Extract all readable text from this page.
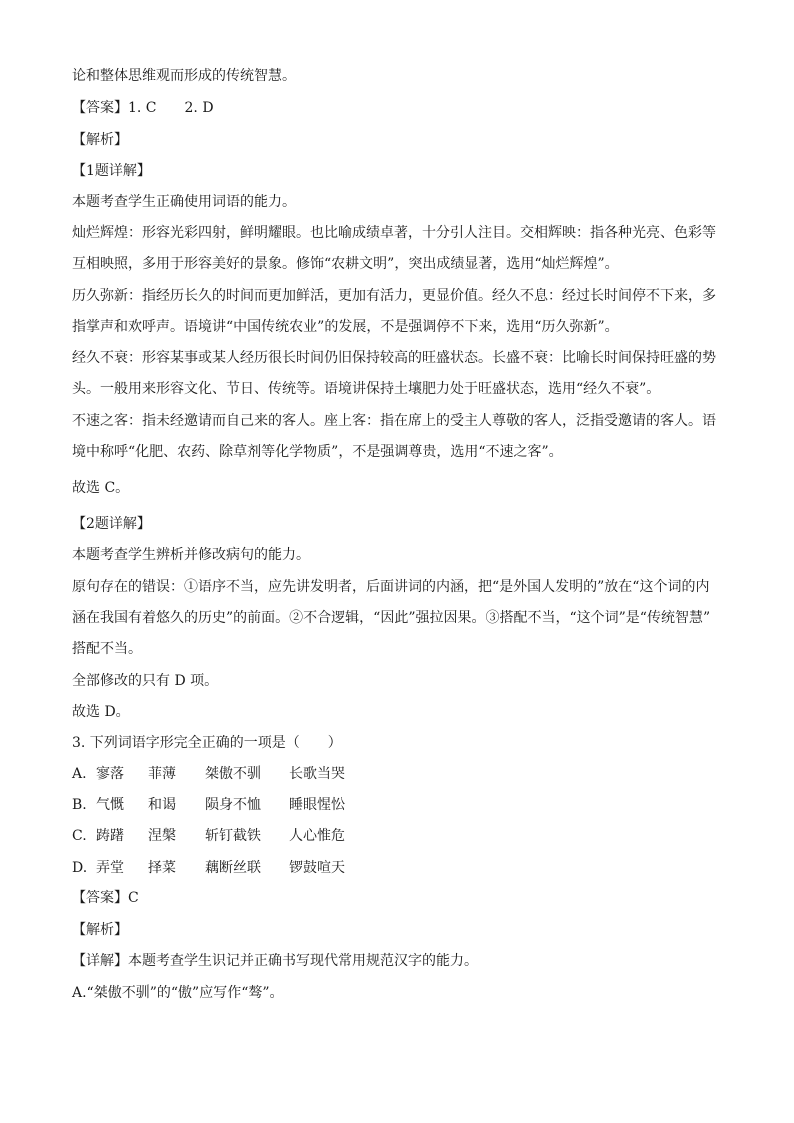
论和整体思维观而形成的传统智慧。
【答案】1. C　　2. D
【解析】
【1题详解】
本题考查学生正确使用词语的能力。
灿烂辉煌：形容光彩四射，鲜明耀眼。也比喻成绩卓著，十分引人注目。交相辉映：指各种光亮、色彩等
互相映照，多用于形容美好的景象。修饰“农耕文明”，突出成绩显著，选用“灿烂辉煌”。
历久弥新：指经历长久的时间而更加鲜活，更加有活力，更显价值。经久不息：经过长时间停不下来，多
指掌声和欢呼声。语境讲“中国传统农业”的发展，不是强调停不下来，选用“历久弥新”。
经久不衰：形容某事或某人经历很长时间仍旧保持较高的旺盛状态。长盛不衰：比喻长时间保持旺盛的势
头。一般用来形容文化、节日、传统等。语境讲保持土壤肥力处于旺盛状态，选用“经久不衰”。
不速之客：指未经邀请而自己来的客人。座上客：指在席上的受主人尊敬的客人，泛指受邀请的客人。语
境中称呼“化肥、农药、除草剂等化学物质”，不是强调尊贵，选用“不速之客”。
故选 C。
【2题详解】
本题考查学生辨析并修改病句的能力。
原句存在的错误：①语序不当，应先讲发明者，后面讲词的内涵，把“是外国人发明的”放在“这个词的内
涵在我国有着悠久的历史”的前面。②不合逻辑，“因此”强拉因果。③搭配不当，“这个词”是“传统智慧”
搭配不当。
全部修改的只有 D 项。
故选 D。
3. 下列词语字形完全正确的一项是（　　）
A. 寥落 菲薄 桀傲不驯 长歌当哭
B. 气慨 和谒 陨身不恤 睡眼惺忪
C. 踌躇 涅槃 斩钉截铁 人心惟危
D. 弄堂 择菜 藕断丝联 锣鼓喧天
【答案】C
【解析】
【详解】本题考查学生识记并正确书写现代常用规范汉字的能力。
A.“桀傲不驯”的“傲”应写作“骜”。
